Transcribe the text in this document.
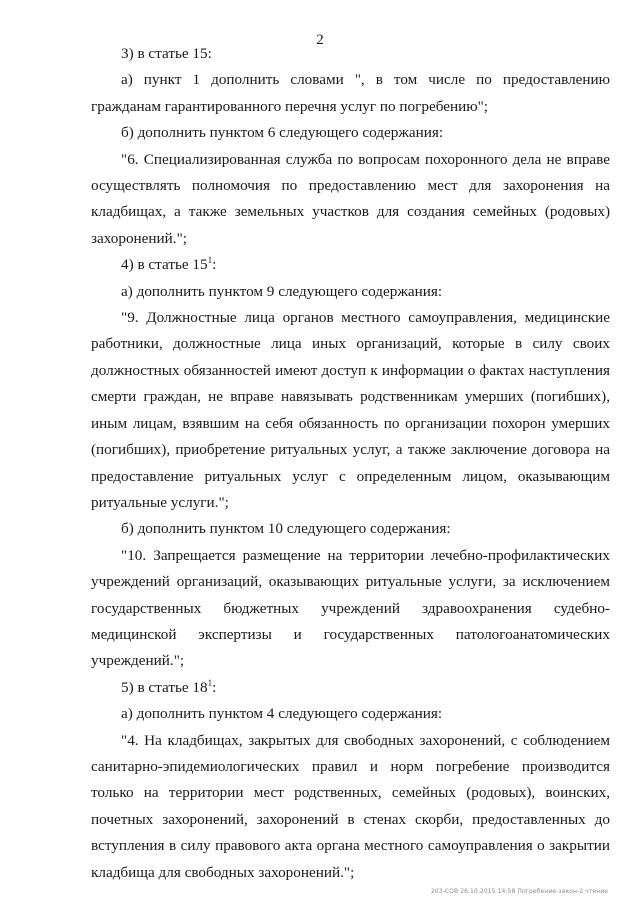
2

3) в статье 15:

а) пункт 1 дополнить словами ", в том числе по предоставлению гражданам гарантированного перечня услуг по погребению";

б) дополнить пунктом 6 следующего содержания:

"6. Специализированная служба по вопросам похоронного дела не вправе осуществлять полномочия по предоставлению мест для захоронения на кладбищах, а также земельных участков для создания семейных (родовых) захоронений.";

4) в статье $15^1$:

а) дополнить пунктом 9 следующего содержания:

"9. Должностные лица органов местного самоуправления, медицинские работники, должностные лица иных организаций, которые в силу своих должностных обязанностей имеют доступ к информации о фактах наступления смерти граждан, не вправе навязывать родственникам умерших (погибших), иным лицам, взявшим на себя обязанность по организации похорон умерших (погибших), приобретение ритуальных услуг, а также заключение договора на предоставление ритуальных услуг с определенным лицом, оказывающим ритуальные услуги.";

б) дополнить пунктом 10 следующего содержания:

"10. Запрещается размещение на территории лечебно-профилактических учреждений организаций, оказывающих ритуальные услуги, за исключением государственных бюджетных учреждений здравоохранения судебно-медицинской экспертизы и государственных патологоанатомических учреждений.";

5) в статье $18^1$:

а) дополнить пунктом 4 следующего содержания:

"4. На кладбищах, закрытых для свободных захоронений, с соблюдением санитарно-эпидемиологических правил и норм погребение производится только на территории мест родственных, семейных (родовых), воинских, почетных захоронений, захоронений в стенах скорби, предоставленных до вступления в силу правового акта органа местного самоуправления о закрытии кладбища для свободных захоронений.";

203-СОВ 26.10.2015 14:58 Погребение-закон-2 чтение
